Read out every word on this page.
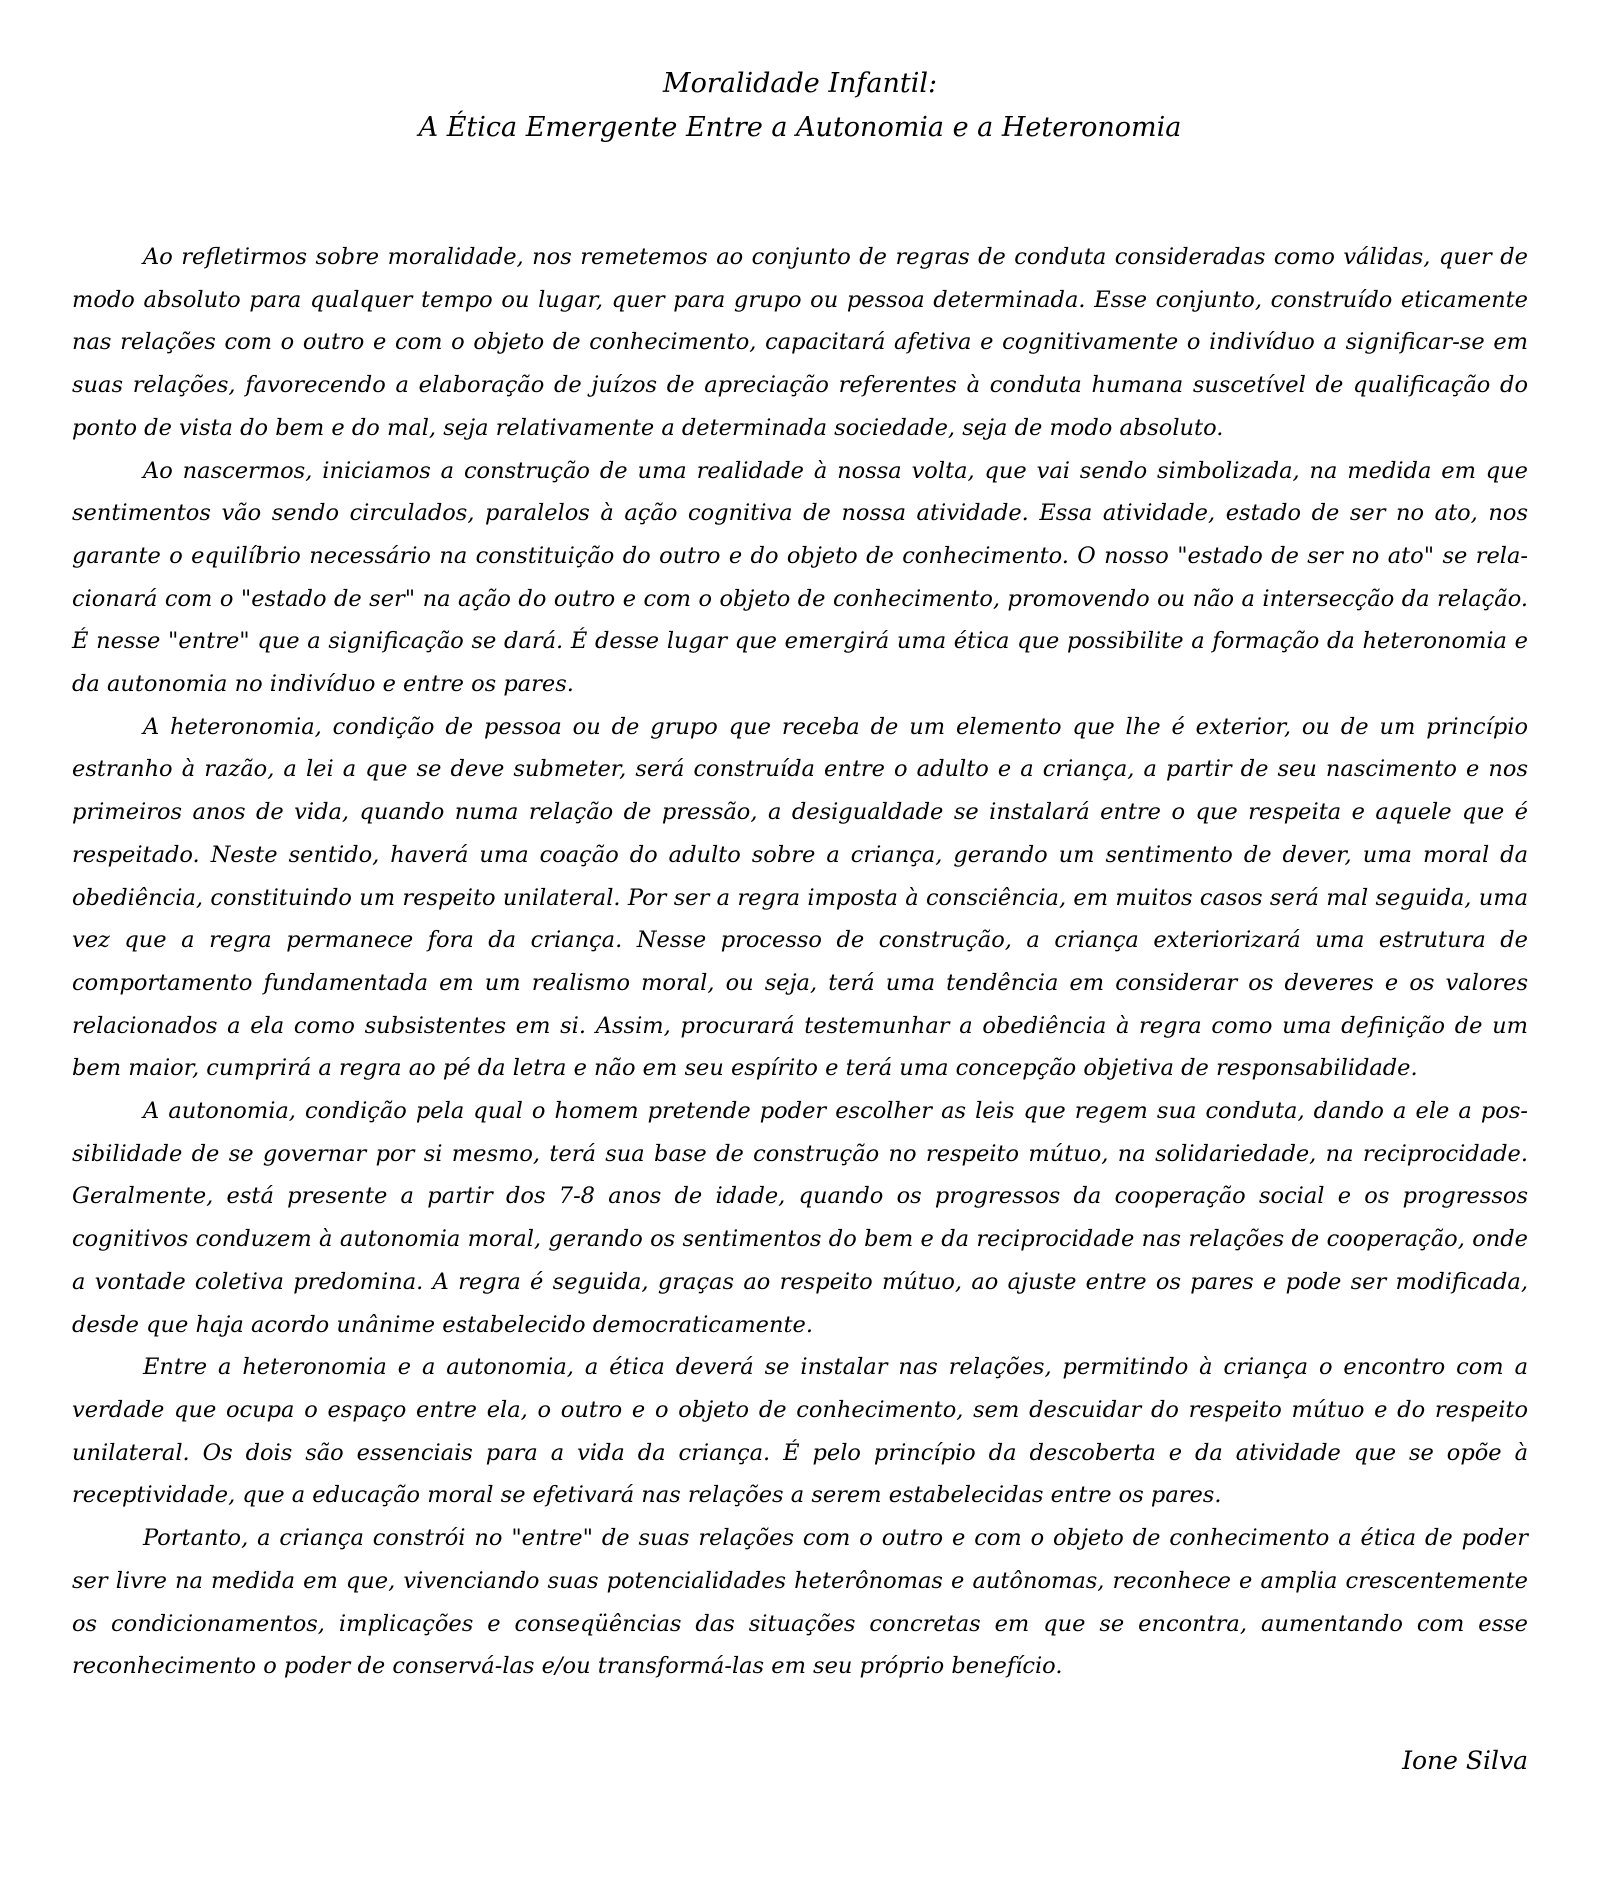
Moralidade Infantil:
A Ética Emergente Entre a Autonomia e a Heteronomia

Ao refletirmos sobre moralidade, nos remetemos ao conjunto de regras de conduta consideradas como válidas, quer de modo absoluto para qualquer tempo ou lugar, quer para grupo ou pessoa determinada. Esse conjunto, construído eticamente nas relações com o outro e com o objeto de conhecimento, capacitará afetiva e cognitivamente o indivíduo a significar-se em suas relações, favorecendo a elaboração de juízos de apreciação referentes à conduta humana suscetível de qualificação do ponto de vista do bem e do mal, seja relativamente a determinada sociedade, seja de modo absoluto.

Ao nascermos, iniciamos a construção de uma realidade à nossa volta, que vai sendo simbolizada, na medida em que sentimentos vão sendo circulados, paralelos à ação cognitiva de nossa atividade. Essa atividade, estado de ser no ato, nos garante o equilíbrio necessário na constituição do outro e do objeto de conhecimento. O nosso "estado de ser no ato" se relacionará com o "estado de ser" na ação do outro e com o objeto de conhecimento, promovendo ou não a intersecção da relação. É nesse "entre" que a significação se dará. É desse lugar que emergirá uma ética que possibilite a formação da heteronomia e da autonomia no indivíduo e entre os pares.

A heteronomia, condição de pessoa ou de grupo que receba de um elemento que lhe é exterior, ou de um princípio estranho à razão, a lei a que se deve submeter, será construída entre o adulto e a criança, a partir de seu nascimento e nos primeiros anos de vida, quando numa relação de pressão, a desigualdade se instalará entre o que respeita e aquele que é respeitado. Neste sentido, haverá uma coação do adulto sobre a criança, gerando um sentimento de dever, uma moral da obediência, constituindo um respeito unilateral. Por ser a regra imposta à consciência, em muitos casos será mal seguida, uma vez que a regra permanece fora da criança. Nesse processo de construção, a criança exteriorizará uma estrutura de comportamento fundamentada em um realismo moral, ou seja, terá uma tendência em considerar os deveres e os valores relacionados a ela como subsistentes em si. Assim, procurará testemunhar a obediência à regra como uma definição de um bem maior, cumprirá a regra ao pé da letra e não em seu espírito e terá uma concepção objetiva de responsabilidade.

A autonomia, condição pela qual o homem pretende poder escolher as leis que regem sua conduta, dando a ele a possibilidade de se governar por si mesmo, terá sua base de construção no respeito mútuo, na solidariedade, na reciprocidade. Geralmente, está presente a partir dos 7-8 anos de idade, quando os progressos da cooperação social e os progressos cognitivos conduzem à autonomia moral, gerando os sentimentos do bem e da reciprocidade nas relações de cooperação, onde a vontade coletiva predomina. A regra é seguida, graças ao respeito mútuo, ao ajuste entre os pares e pode ser modificada, desde que haja acordo unânime estabelecido democraticamente.

Entre a heteronomia e a autonomia, a ética deverá se instalar nas relações, permitindo à criança o encontro com a verdade que ocupa o espaço entre ela, o outro e o objeto de conhecimento, sem descuidar do respeito mútuo e do respeito unilateral. Os dois são essenciais para a vida da criança. É pelo princípio da descoberta e da atividade que se opõe à receptividade, que a educação moral se efetivará nas relações a serem estabelecidas entre os pares.

Portanto, a criança constrói no "entre" de suas relações com o outro e com o objeto de conhecimento a ética de poder ser livre na medida em que, vivenciando suas potencialidades heterônomas e autônomas, reconhece e amplia crescentemente os condicionamentos, implicações e conseqüências das situações concretas em que se encontra, aumentando com esse reconhecimento o poder de conservá-las e/ou transformá-las em seu próprio benefício.

Ione Silva
